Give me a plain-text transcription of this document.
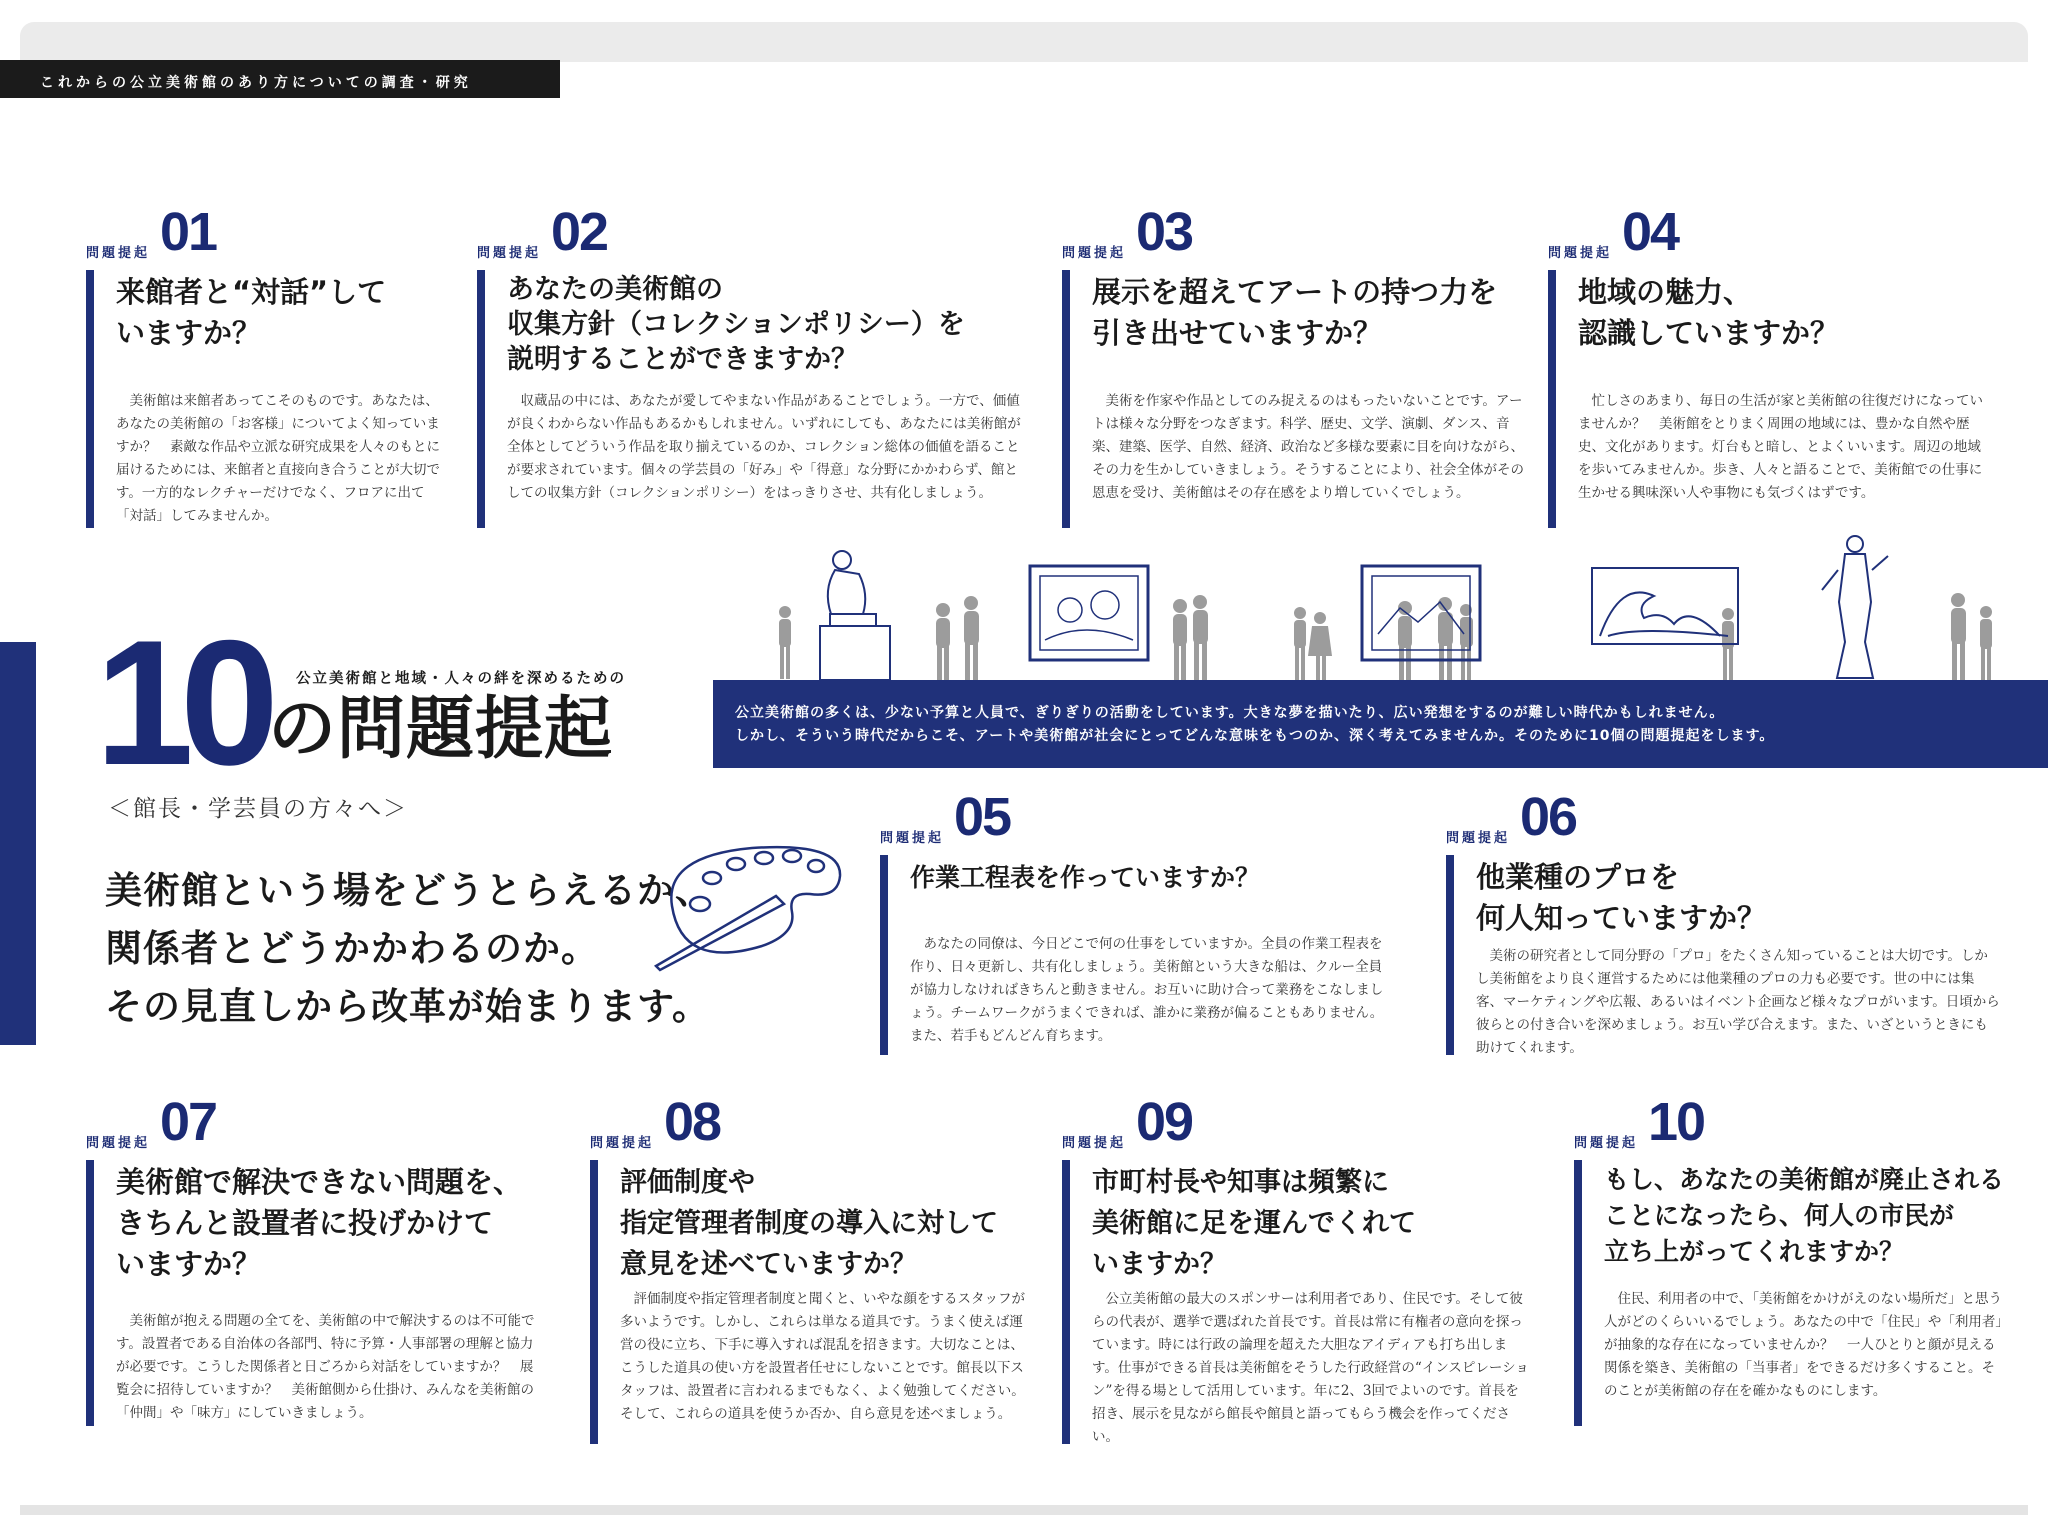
これからの公立美術館のあり方についての調査・研究
問題提起 01
来館者と“対話”して
いますか？
美術館は来館者あってこそのものです。あなたは、あなたの美術館の「お客様」についてよく知っていますか？　素敵な作品や立派な研究成果を人々のもとに届けるためには、来館者と直接向き合うことが大切です。一方的なレクチャーだけでなく、フロアに出て「対話」してみませんか。
問題提起 02
あなたの美術館の
収集方針（コレクションポリシー）を
説明することができますか？
収蔵品の中には、あなたが愛してやまない作品があることでしょう。一方で、価値が良くわからない作品もあるかもしれません。いずれにしても、あなたには美術館が全体としてどういう作品を取り揃えているのか、コレクション総体の価値を語ることが要求されています。個々の学芸員の「好み」や「得意」な分野にかかわらず、館としての収集方針（コレクションポリシー）をはっきりさせ、共有化しましょう。
問題提起 03
展示を超えてアートの持つ力を
引き出せていますか？
美術を作家や作品としてのみ捉えるのはもったいないことです。アートは様々な分野をつなぎます。科学、歴史、文学、演劇、ダンス、音楽、建築、医学、自然、経済、政治など多様な要素に目を向けながら、その力を生かしていきましょう。そうすることにより、社会全体がその恩恵を受け、美術館はその存在感をより増していくでしょう。
問題提起 04
地域の魅力、
認識していますか？
忙しさのあまり、毎日の生活が家と美術館の往復だけになっていませんか？　美術館をとりまく周囲の地域には、豊かな自然や歴史、文化があります。灯台もと暗し、とよくいいます。周辺の地域を歩いてみませんか。歩き、人々と語ることで、美術館での仕事に生かせる興味深い人や事物にも気づくはずです。
10 公立美術館と地域・人々の絆を深めるための
の問題提起
＜館長・学芸員の方々へ＞
公立美術館の多くは、少ない予算と人員で、ぎりぎりの活動をしています。大きな夢を描いたり、広い発想をするのが難しい時代かもしれません。
しかし、そういう時代だからこそ、アートや美術館が社会にとってどんな意味をもつのか、深く考えてみませんか。そのために10個の問題提起をします。
美術館という場をどうとらえるか、
関係者とどうかかわるのか。
その見直しから改革が始まります。
問題提起 05
作業工程表を作っていますか？
あなたの同僚は、今日どこで何の仕事をしていますか。全員の作業工程表を作り、日々更新し、共有化しましょう。美術館という大きな船は、クルー全員が協力しなければきちんと動きません。お互いに助け合って業務をこなしましょう。チームワークがうまくできれば、誰かに業務が偏ることもありません。また、若手もどんどん育ちます。
問題提起 06
他業種のプロを
何人知っていますか？
美術の研究者として同分野の「プロ」をたくさん知っていることは大切です。しかし美術館をより良く運営するためには他業種のプロの力も必要です。世の中には集客、マーケティングや広報、あるいはイベント企画など様々なプロがいます。日頃から彼らとの付き合いを深めましょう。お互い学び合えます。また、いざというときにも助けてくれます。
問題提起 07
美術館で解決できない問題を、
きちんと設置者に投げかけて
いますか？
美術館が抱える問題の全てを、美術館の中で解決するのは不可能です。設置者である自治体の各部門、特に予算・人事部署の理解と協力が必要です。こうした関係者と日ごろから対話をしていますか？　展覧会に招待していますか？　美術館側から仕掛け、みんなを美術館の「仲間」や「味方」にしていきましょう。
問題提起 08
評価制度や
指定管理者制度の導入に対して
意見を述べていますか？
評価制度や指定管理者制度と聞くと、いやな顔をするスタッフが多いようです。しかし、これらは単なる道具です。うまく使えば運営の役に立ち、下手に導入すれば混乱を招きます。大切なことは、こうした道具の使い方を設置者任せにしないことです。館長以下スタッフは、設置者に言われるまでもなく、よく勉強してください。そして、これらの道具を使うか否か、自ら意見を述べましょう。
問題提起 09
市町村長や知事は頻繁に
美術館に足を運んでくれて
いますか？
公立美術館の最大のスポンサーは利用者であり、住民です。そして彼らの代表が、選挙で選ばれた首長です。首長は常に有権者の意向を探っています。時には行政の論理を超えた大胆なアイディアも打ち出します。仕事ができる首長は美術館をそうした行政経営の“インスピレーション”を得る場として活用しています。年に2、3回でよいのです。首長を招き、展示を見ながら館長や館員と語ってもらう機会を作ってください。
問題提起 10
もし、あなたの美術館が廃止される
ことになったら、何人の市民が
立ち上がってくれますか？
住民、利用者の中で、「美術館をかけがえのない場所だ」と思う人がどのくらいいるでしょう。あなたの中で「住民」や「利用者」が抽象的な存在になっていませんか？　一人ひとりと顔が見える関係を築き、美術館の「当事者」をできるだけ多くすること。そのことが美術館の存在を確かなものにします。
